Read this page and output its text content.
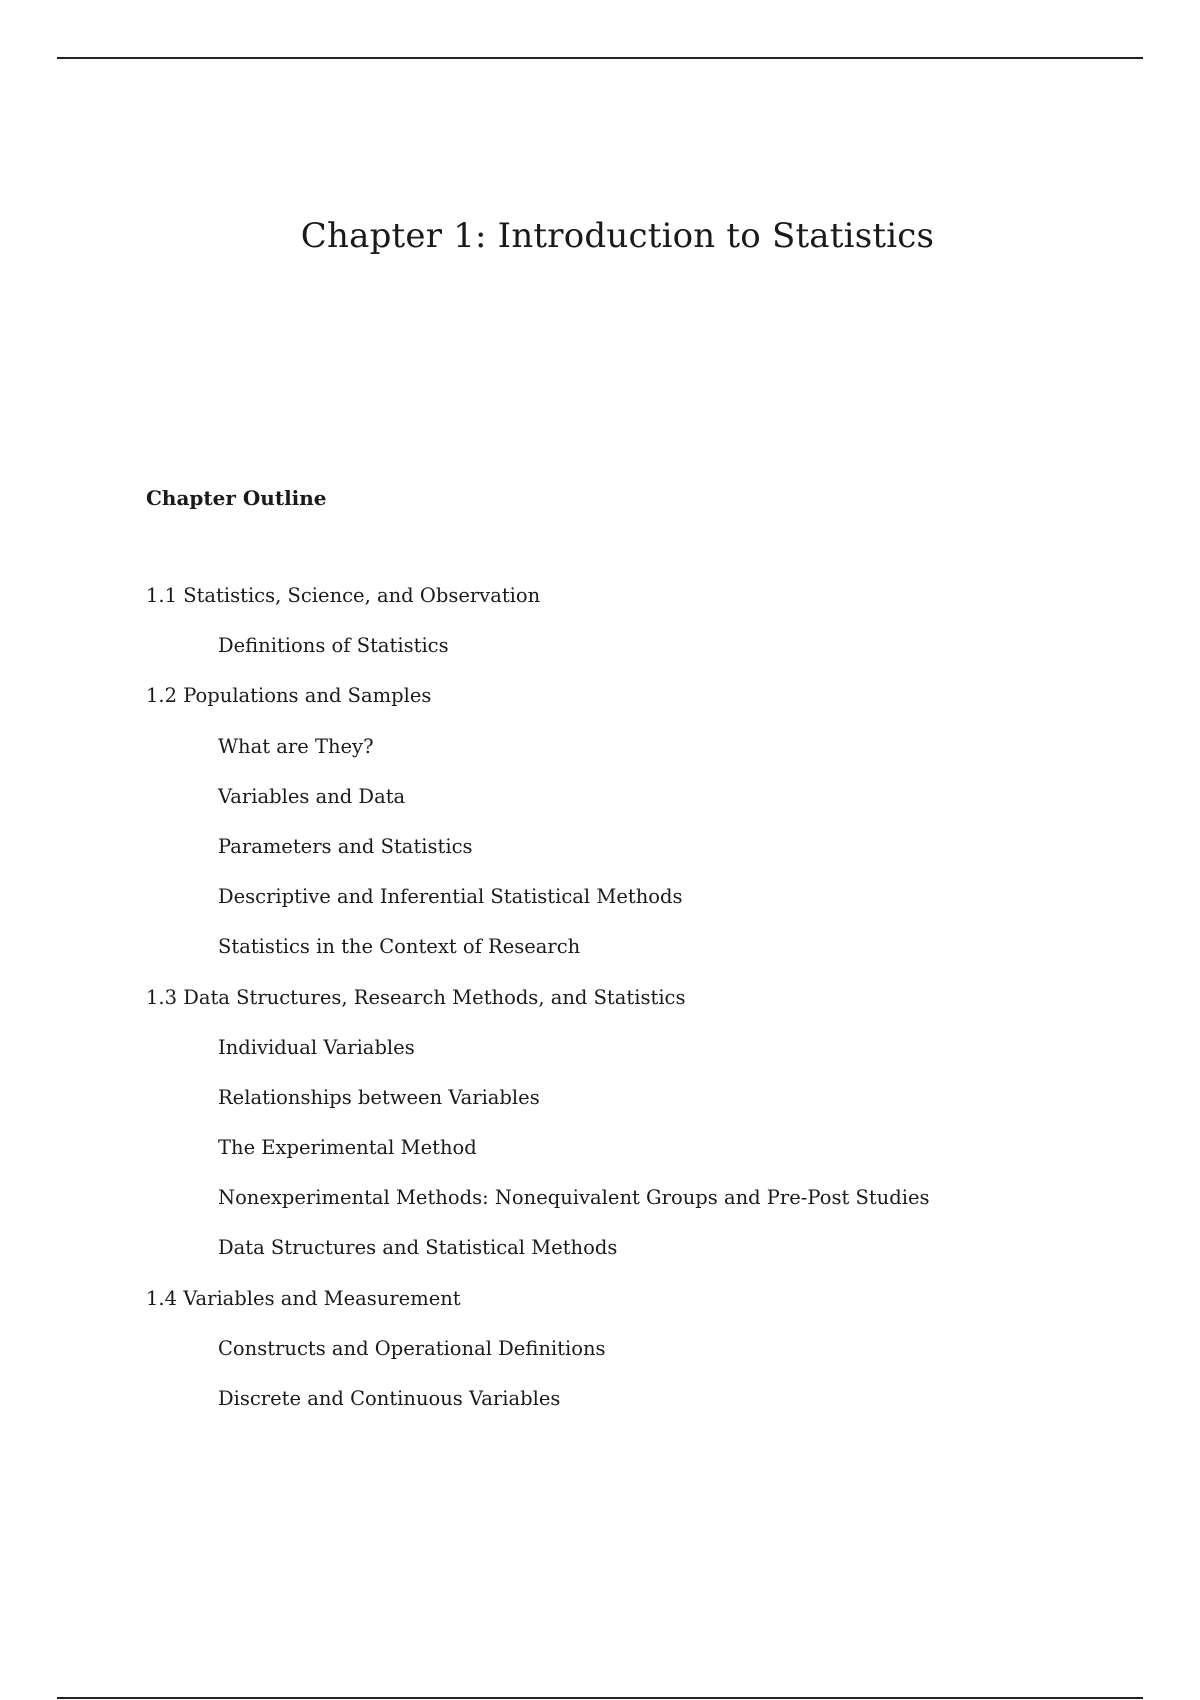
Chapter 1: Introduction to Statistics
Chapter Outline
1.1 Statistics, Science, and Observation
Definitions of Statistics
1.2 Populations and Samples
What are They?
Variables and Data
Parameters and Statistics
Descriptive and Inferential Statistical Methods
Statistics in the Context of Research
1.3 Data Structures, Research Methods, and Statistics
Individual Variables
Relationships between Variables
The Experimental Method
Nonexperimental Methods: Nonequivalent Groups and Pre-Post Studies
Data Structures and Statistical Methods
1.4 Variables and Measurement
Constructs and Operational Definitions
Discrete and Continuous Variables
